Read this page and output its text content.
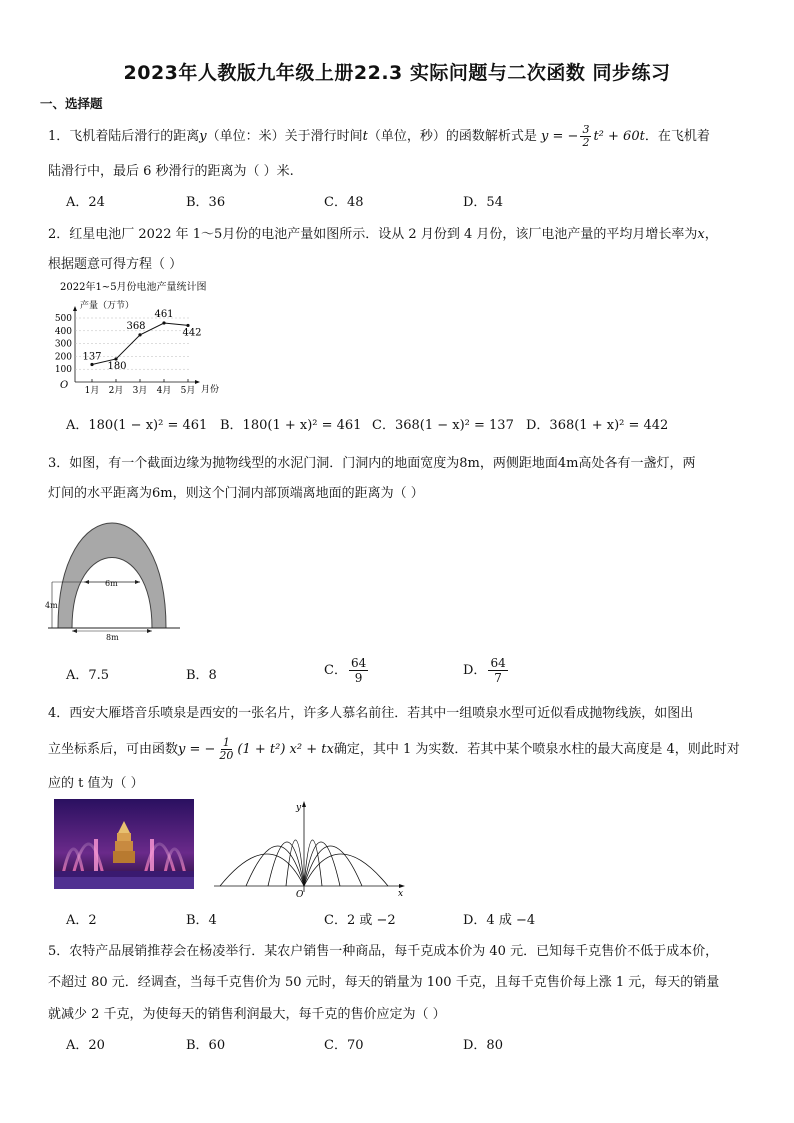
2023年人教版九年级上册22.3 实际问题与二次函数 同步练习
一、选择题
1．飞机着陆后滑行的距离y（单位：米）关于滑行时间t（单位，秒）的函数解析式是 y = − $\frac{3}{2} t^2 + 60t$．在飞机着
陆滑行中，最后 6 秒滑行的距离为（ ）米.
A．24	B．36	C．48	D．54
2．红星电池厂 2022 年 1～5月份的电池产量如图所示．设从 2 月份到 4 月份，该厂电池产量的平均月增长率为x，
根据题意可得方程（ ）
2022年1~5月份电池产量统计图
产量（万节）
O	月份
100
200
300
400
500
1月 2月 3月 4月 5月
137
180
368
461
442
A．180(1 − x)² = 461 B．180(1 + x)² = 461 C．368(1 − x)² = 137 D．368(1 + x)² = 442
3．如图，有一个截面边缘为抛物线型的水泥门洞．门洞内的地面宽度为8m，两侧距地面4m高处各有一盏灯，两
灯间的水平距离为6m，则这个门洞内部顶端离地面的距离为（ ）
6m
4m
8m
A．7.5	B．8	C． $\frac{64}{9}$	D． $\frac{64}{7}$
4．西安大雁塔音乐喷泉是西安的一张名片，许多人慕名前往．若其中一组喷泉水型可近似看成抛物线族，如图出
立坐标系后，可由函数y = − $\frac{1}{20} (1 + t^2) x^2$ + tx确定，其中 1 为实数．若其中某个喷泉水柱的最大高度是 4，则此时对
应的 t 值为（ ）
x
y
O
A．2	B．4	C．2 或 −2	D．4 成 −4
5．农特产品展销推荐会在杨凌举行．某农户销售一种商品，每千克成本价为 40 元．已知每千克售价不低于成本价，
不超过 80 元．经调查，当每千克售价为 50 元时，每天的销量为 100 千克，且每千克售价每上涨 1 元，每天的销量
就减少 2 千克，为使每天的销售利润最大，每千克的售价应定为（ ）
A．20	B．60	C．70	D．80
